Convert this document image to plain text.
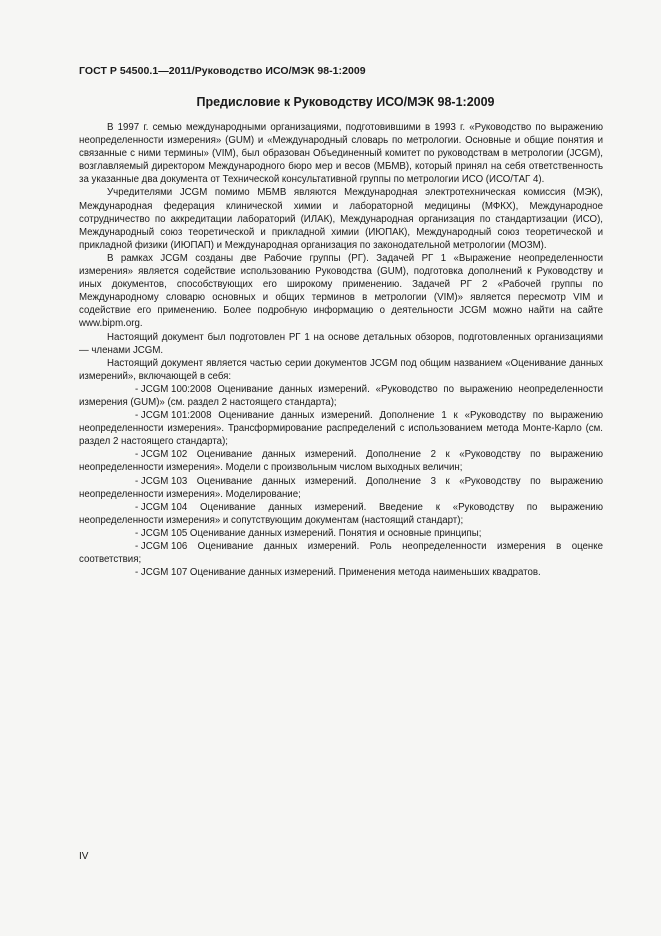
ГОСТ Р 54500.1—2011/Руководство ИСО/МЭК 98-1:2009
Предисловие к Руководству ИСО/МЭК 98-1:2009

В 1997 г. семью международными организациями, подготовившими в 1993 г. «Руководство по выражению неопределенности измерения» (GUM) и «Международный словарь по метрологии. Основные и общие понятия и связанные с ними термины» (VIM), был образован Объединенный комитет по руководствам в метрологии (JCGM), возглавляемый директором Международного бюро мер и весов (МБМВ), который принял на себя ответственность за указанные два документа от Технической консультативной группы по метрологии ИСО (ИСО/ТАГ 4).

Учредителями JCGM помимо МБМВ являются Международная электротехническая комиссия (МЭК), Международная федерация клинической химии и лабораторной медицины (МФКХ), Международное сотрудничество по аккредитации лабораторий (ИЛАК), Международная организация по стандартизации (ИСО), Международный союз теоретической и прикладной химии (ИЮПАК), Международный союз теоретической и прикладной физики (ИЮПАП) и Международная организация по законодательной метрологии (МОЗМ).

В рамках JCGM созданы две Рабочие группы (РГ). Задачей РГ 1 «Выражение неопределенности измерения» является содействие использованию Руководства (GUM), подготовка дополнений к Руководству и иных документов, способствующих его широкому применению. Задачей РГ 2 «Рабочей группы по Международному словарю основных и общих терминов в метрологии (VIM)» является пересмотр VIM и содействие его применению. Более подробную информацию о деятельности JCGM можно найти на сайте www.bipm.org.

Настоящий документ был подготовлен РГ 1 на основе детальных обзоров, подготовленных организациями — членами JCGM.

Настоящий документ является частью серии документов JCGM под общим названием «Оценивание данных измерений», включающей в себя:

- JCGM 100:2008 Оценивание данных измерений. «Руководство по выражению неопределенности измерения (GUM)» (см. раздел 2 настоящего стандарта);

- JCGM 101:2008 Оценивание данных измерений. Дополнение 1 к «Руководству по выражению неопределенности измерения». Трансформирование распределений с использованием метода Монте-Карло (см. раздел 2 настоящего стандарта);

- JCGM 102 Оценивание данных измерений. Дополнение 2 к «Руководству по выражению неопределенности измерения». Модели с произвольным числом выходных величин;

- JCGM 103 Оценивание данных измерений. Дополнение 3 к «Руководству по выражению неопределенности измерения». Моделирование;

- JCGM 104 Оценивание данных измерений. Введение к «Руководству по выражению неопределенности измерения» и сопутствующим документам (настоящий стандарт);

- JCGM 105 Оценивание данных измерений. Понятия и основные принципы;

- JCGM 106 Оценивание данных измерений. Роль неопределенности измерения в оценке соответствия;

- JCGM 107 Оценивание данных измерений. Применения метода наименьших квадратов.

IV
